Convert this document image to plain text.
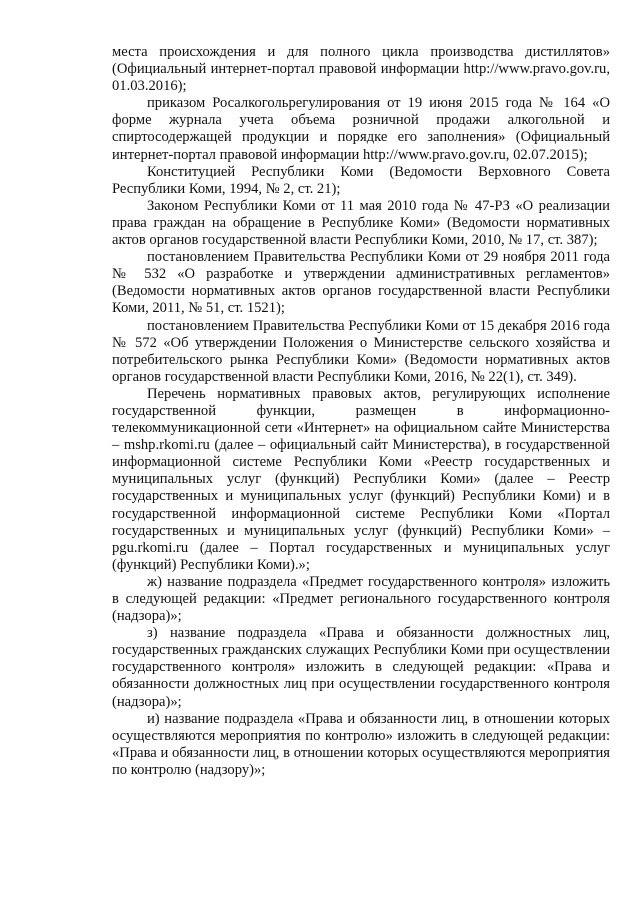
места происхождения и для полного цикла производства дистиллятов» (Официальный интернет-портал правовой информации http://www.pravo.gov.ru, 01.03.2016);

приказом Росалкогольрегулирования от 19 июня 2015 года № 164 «О форме журнала учета объема розничной продажи алкогольной и спиртосодержащей продукции и порядке его заполнения» (Официальный интернет-портал правовой информации http://www.pravo.gov.ru, 02.07.2015);

Конституцией Республики Коми (Ведомости Верховного Совета Республики Коми, 1994, № 2, ст. 21);

Законом Республики Коми от 11 мая 2010 года № 47-РЗ «О реализации права граждан на обращение в Республике Коми» (Ведомости нормативных актов органов государственной власти Республики Коми, 2010, № 17, ст. 387);

постановлением Правительства Республики Коми от 29 ноября 2011 года № 532 «О разработке и утверждении административных регламентов» (Ведомости нормативных актов органов государственной власти Республики Коми, 2011, № 51, ст. 1521);

постановлением Правительства Республики Коми от 15 декабря 2016 года № 572 «Об утверждении Положения о Министерстве сельского хозяйства и потребительского рынка Республики Коми» (Ведомости нормативных актов органов государственной власти Республики Коми, 2016, № 22(1), ст. 349).

Перечень нормативных правовых актов, регулирующих исполнение государственной функции, размещен в информационно-телекоммуникационной сети «Интернет» на официальном сайте Министерства – mshp.rkomi.ru (далее – официальный сайт Министерства), в государственной информационной системе Республики Коми «Реестр государственных и муниципальных услуг (функций) Республики Коми» (далее – Реестр государственных и муниципальных услуг (функций) Республики Коми) и в государственной информационной системе Республики Коми «Портал государственных и муниципальных услуг (функций) Республики Коми» – pgu.rkomi.ru (далее – Портал государственных и муниципальных услуг (функций) Республики Коми).»;

ж) название подраздела «Предмет государственного контроля» изложить в следующей редакции: «Предмет регионального государственного контроля (надзора)»;

з) название подраздела «Права и обязанности должностных лиц, государственных гражданских служащих Республики Коми при осуществлении государственного контроля» изложить в следующей редакции: «Права и обязанности должностных лиц при осуществлении государственного контроля (надзора)»;

и) название подраздела «Права и обязанности лиц, в отношении которых осуществляются мероприятия по контролю» изложить в следующей редакции: «Права и обязанности лиц, в отношении которых осуществляются мероприятия по контролю (надзору)»;
